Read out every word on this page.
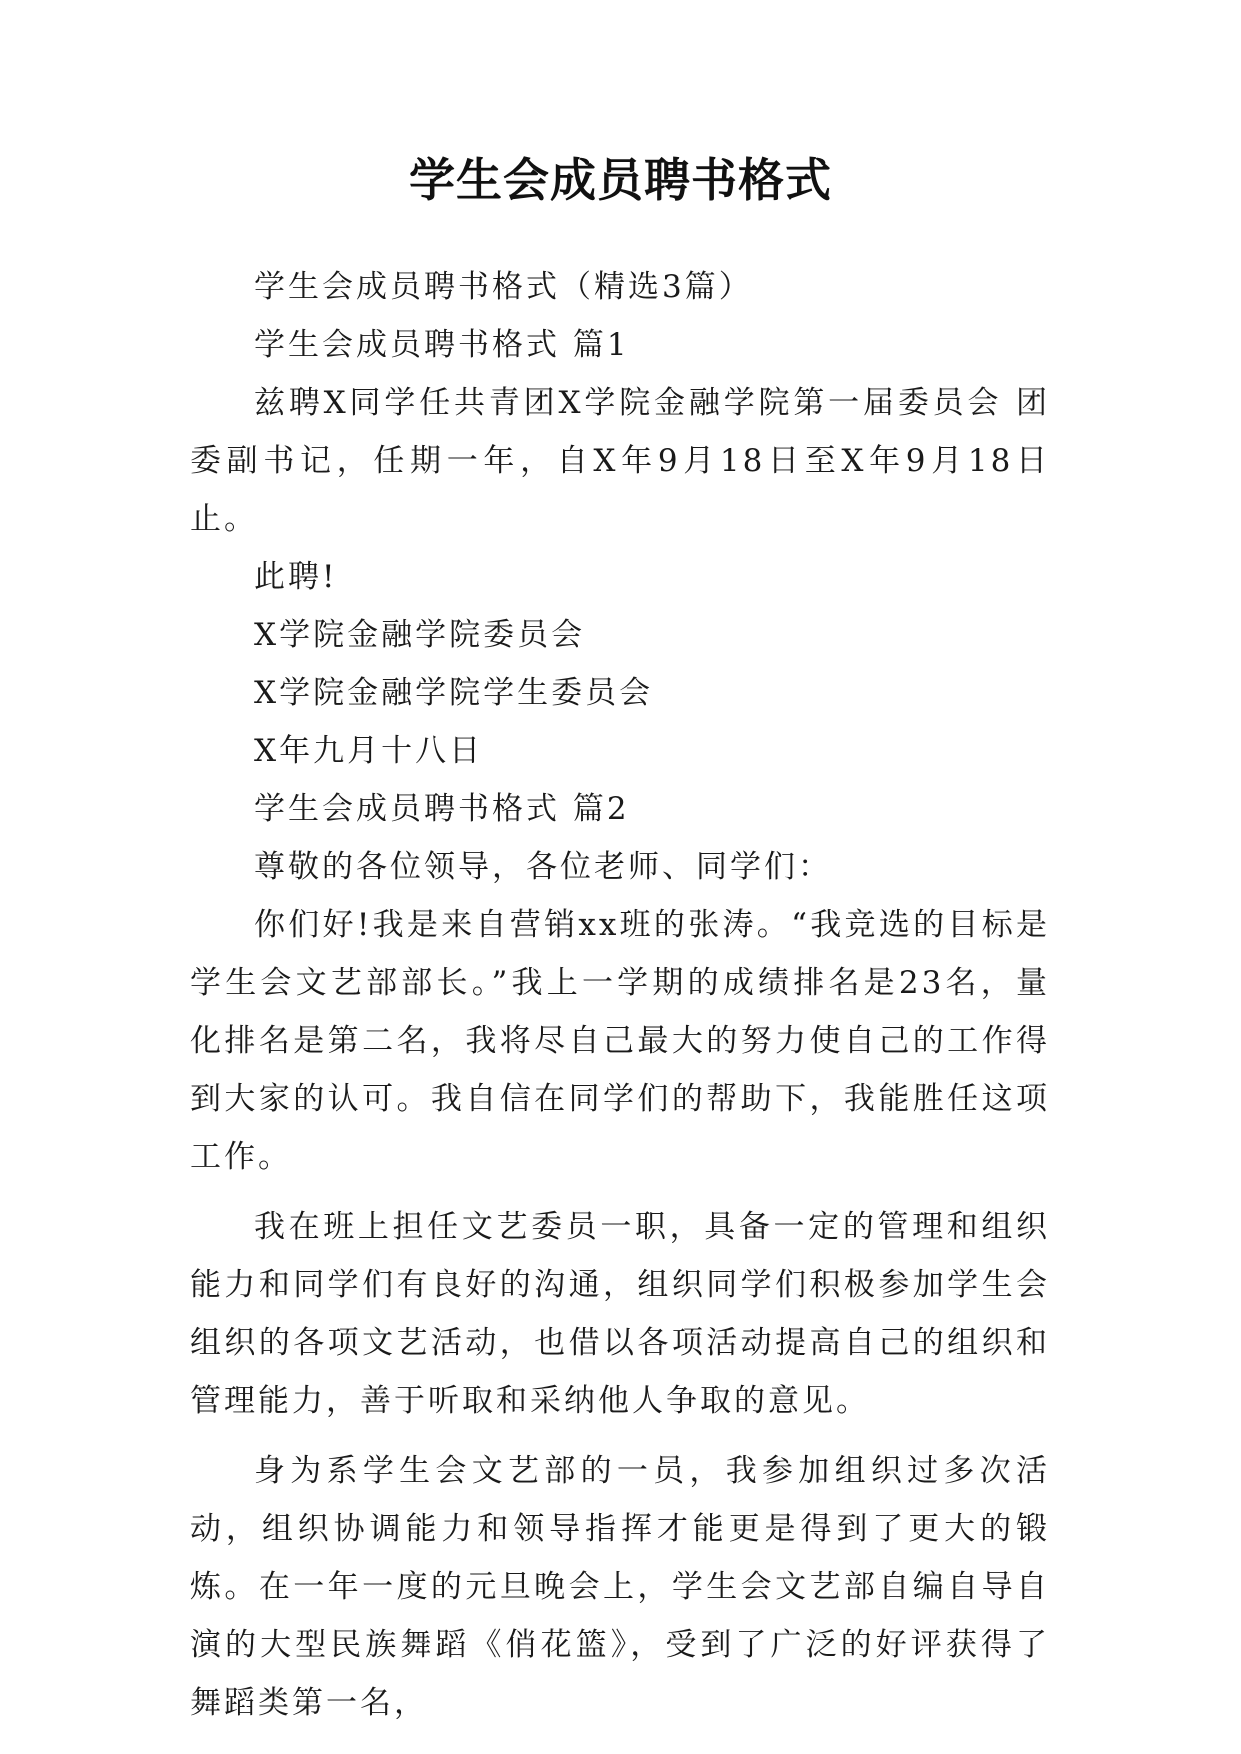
学生会成员聘书格式

学生会成员聘书格式（精选3篇）

学生会成员聘书格式 篇1

兹聘X同学任共青团X学院金融学院第一届委员会 团委副书记，任期一年，自X年9月18日至X年9月18日止。

此聘!

X学院金融学院委员会

X学院金融学院学生委员会

X年九月十八日

学生会成员聘书格式 篇2

尊敬的各位领导，各位老师、同学们：

你们好!我是来自营销xx班的张涛。“我竞选的目标是学生会文艺部部长。”我上一学期的成绩排名是23名，量化排名是第二名，我将尽自己最大的努力使自己的工作得到大家的认可。我自信在同学们的帮助下，我能胜任这项工作。

我在班上担任文艺委员一职，具备一定的管理和组织能力和同学们有良好的沟通，组织同学们积极参加学生会组织的各项文艺活动，也借以各项活动提高自己的组织和管理能力，善于听取和采纳他人争取的意见。

身为系学生会文艺部的一员，我参加组织过多次活动，组织协调能力和领导指挥才能更是得到了更大的锻炼。在一年一度的元旦晚会上，学生会文艺部自编自导自演的大型民族舞蹈《俏花篮》，受到了广泛的好评获得了舞蹈类第一名，
